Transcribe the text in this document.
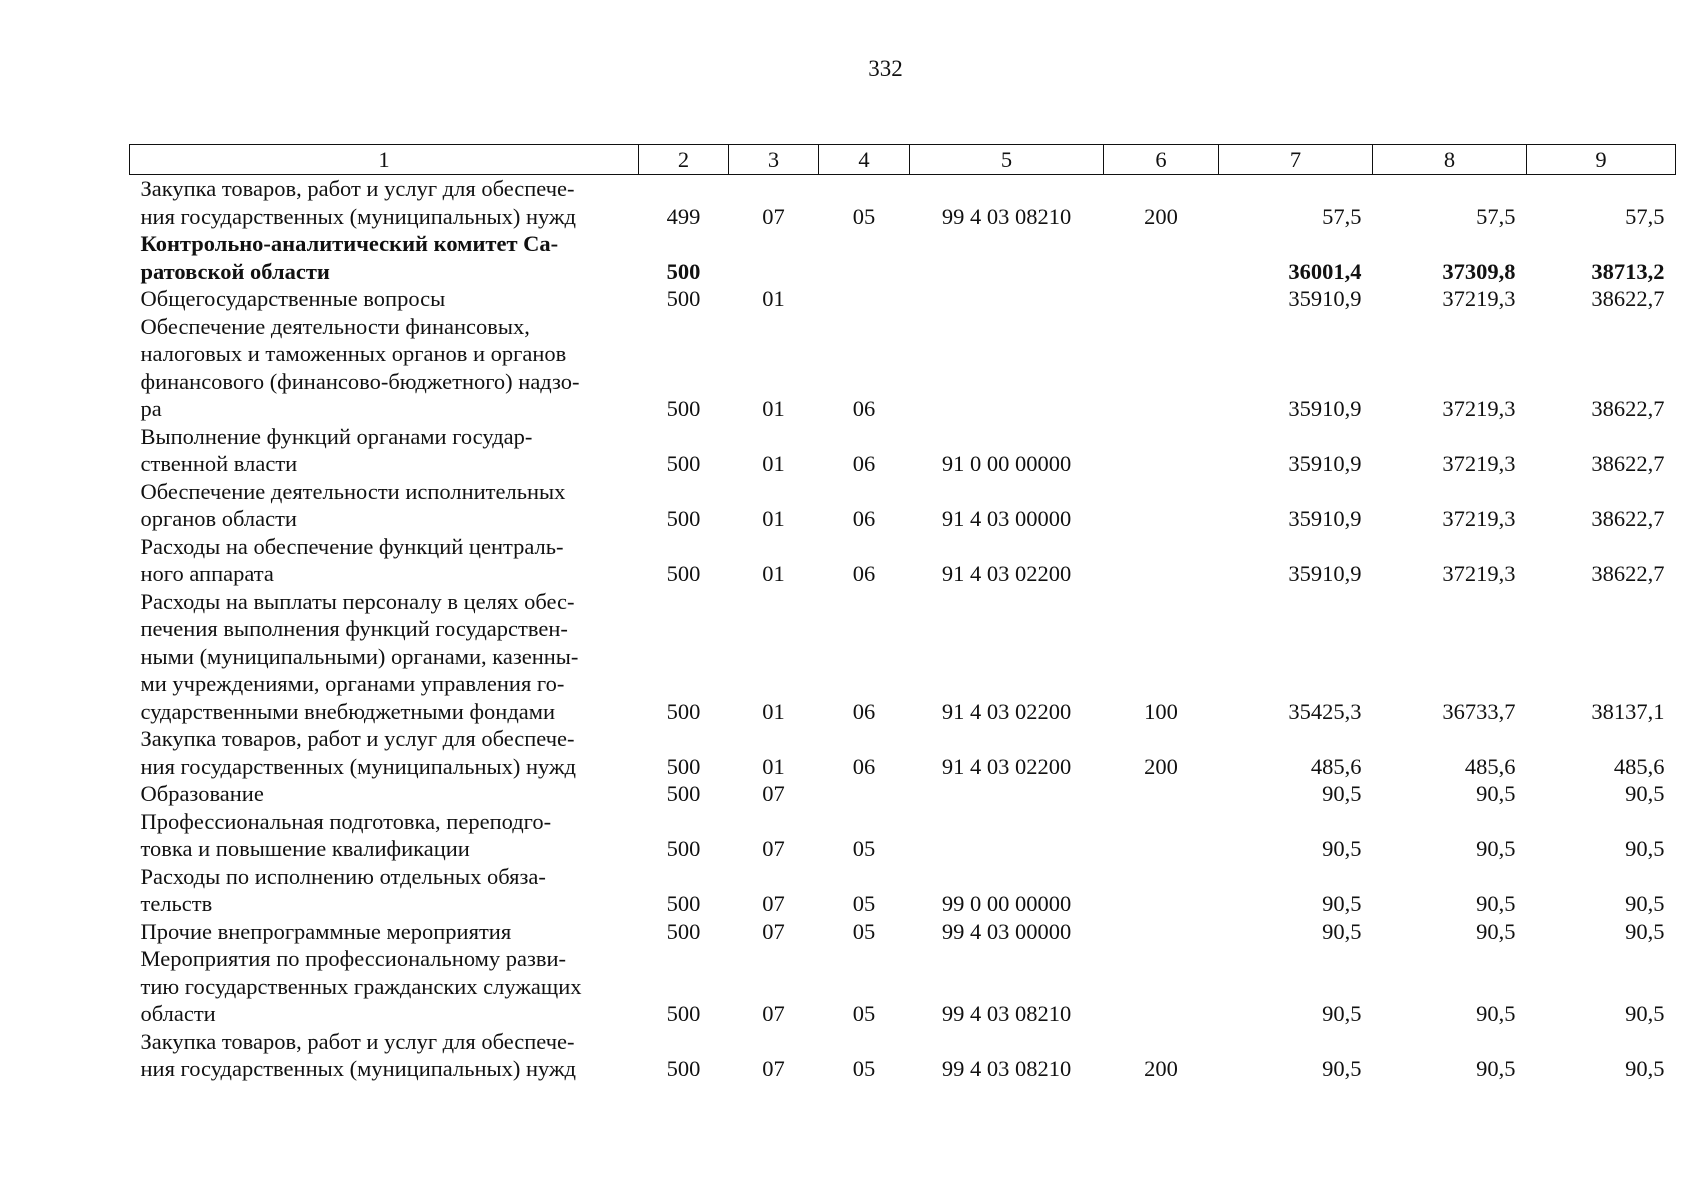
332
1	2	3	4	5	6	7	8	9
Закупка товаров, работ и услуг для обеспече-
ния государственных (муниципальных) нужд	499	07	05	99 4 03 08210	200	57,5	57,5	57,5
Контрольно-аналитический комитет Са-
ратовской области	500					36001,4	37309,8	38713,2
Общегосударственные вопросы	500	01				35910,9	37219,3	38622,7
Обеспечение деятельности финансовых,
налоговых и таможенных органов и органов
финансового (финансово-бюджетного) надзо-
ра	500	01	06			35910,9	37219,3	38622,7
Выполнение функций органами государ-
ственной власти	500	01	06	91 0 00 00000		35910,9	37219,3	38622,7
Обеспечение деятельности исполнительных
органов области	500	01	06	91 4 03 00000		35910,9	37219,3	38622,7
Расходы на обеспечение функций централь-
ного аппарата	500	01	06	91 4 03 02200		35910,9	37219,3	38622,7
Расходы на выплаты персоналу в целях обес-
печения выполнения функций государствен-
ными (муниципальными) органами, казенны-
ми учреждениями, органами управления го-
сударственными внебюджетными фондами	500	01	06	91 4 03 02200	100	35425,3	36733,7	38137,1
Закупка товаров, работ и услуг для обеспече-
ния государственных (муниципальных) нужд	500	01	06	91 4 03 02200	200	485,6	485,6	485,6
Образование	500	07				90,5	90,5	90,5
Профессиональная подготовка, переподго-
товка и повышение квалификации	500	07	05			90,5	90,5	90,5
Расходы по исполнению отдельных обяза-
тельств	500	07	05	99 0 00 00000		90,5	90,5	90,5
Прочие внепрограммные мероприятия	500	07	05	99 4 03 00000		90,5	90,5	90,5
Мероприятия по профессиональному разви-
тию государственных гражданских служащих
области	500	07	05	99 4 03 08210		90,5	90,5	90,5
Закупка товаров, работ и услуг для обеспече-
ния государственных (муниципальных) нужд	500	07	05	99 4 03 08210	200	90,5	90,5	90,5
